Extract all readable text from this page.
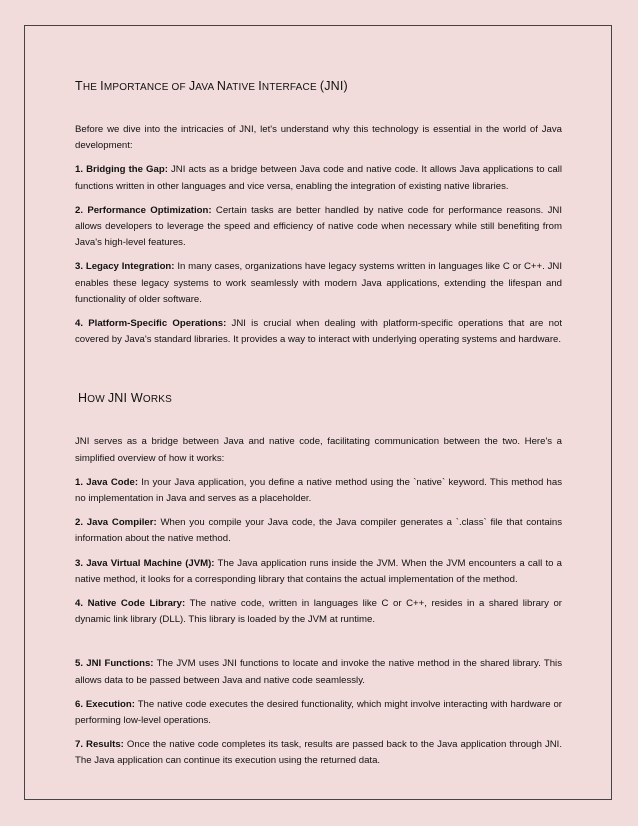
THE IMPORTANCE OF JAVA NATIVE INTERFACE (JNI)

Before we dive into the intricacies of JNI, let's understand why this technology is essential in the world of Java development:

1. Bridging the Gap: JNI acts as a bridge between Java code and native code. It allows Java applications to call functions written in other languages and vice versa, enabling the integration of existing native libraries.

2. Performance Optimization: Certain tasks are better handled by native code for performance reasons. JNI allows developers to leverage the speed and efficiency of native code when necessary while still benefiting from Java's high-level features.

3. Legacy Integration: In many cases, organizations have legacy systems written in languages like C or C++. JNI enables these legacy systems to work seamlessly with modern Java applications, extending the lifespan and functionality of older software.

4. Platform-Specific Operations: JNI is crucial when dealing with platform-specific operations that are not covered by Java's standard libraries. It provides a way to interact with underlying operating systems and hardware.

HOW JNI WORKS

JNI serves as a bridge between Java and native code, facilitating communication between the two. Here's a simplified overview of how it works:

1. Java Code: In your Java application, you define a native method using the `native` keyword. This method has no implementation in Java and serves as a placeholder.

2. Java Compiler: When you compile your Java code, the Java compiler generates a `.class` file that contains information about the native method.

3. Java Virtual Machine (JVM): The Java application runs inside the JVM. When the JVM encounters a call to a native method, it looks for a corresponding library that contains the actual implementation of the method.

4. Native Code Library: The native code, written in languages like C or C++, resides in a shared library or dynamic link library (DLL). This library is loaded by the JVM at runtime.

5. JNI Functions: The JVM uses JNI functions to locate and invoke the native method in the shared library. This allows data to be passed between Java and native code seamlessly.

6. Execution: The native code executes the desired functionality, which might involve interacting with hardware or performing low-level operations.

7. Results: Once the native code completes its task, results are passed back to the Java application through JNI. The Java application can continue its execution using the returned data.
